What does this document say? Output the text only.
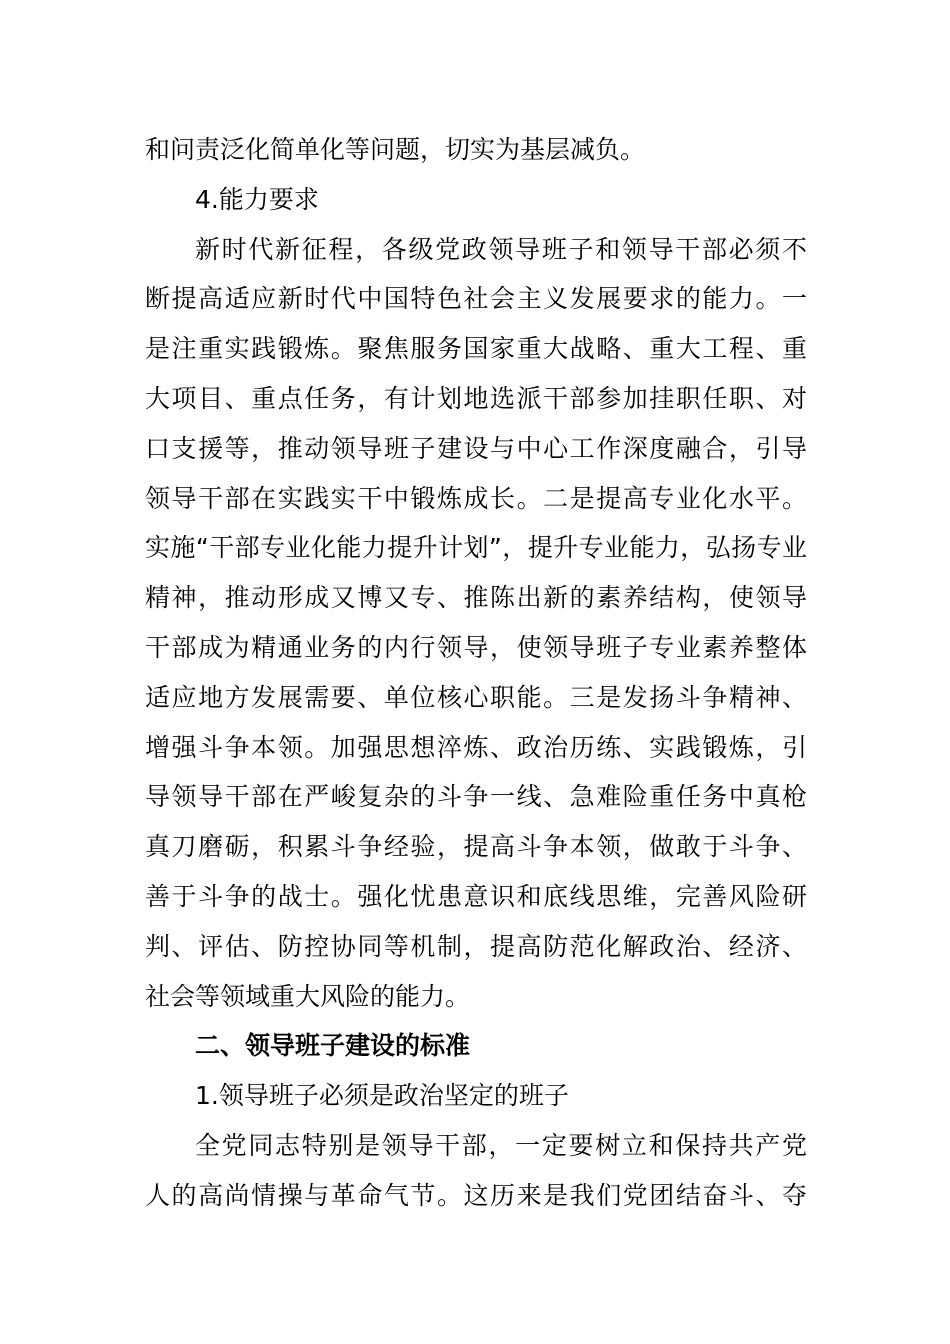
和问责泛化简单化等问题，切实为基层减负。
4.能力要求
新时代新征程，各级党政领导班子和领导干部必须不
断提高适应新时代中国特色社会主义发展要求的能力。一
是注重实践锻炼。聚焦服务国家重大战略、重大工程、重
大项目、重点任务，有计划地选派干部参加挂职任职、对
口支援等，推动领导班子建设与中心工作深度融合，引导
领导干部在实践实干中锻炼成长。二是提高专业化水平。
实施“干部专业化能力提升计划”，提升专业能力，弘扬专业
精神，推动形成又博又专、推陈出新的素养结构，使领导
干部成为精通业务的内行领导，使领导班子专业素养整体
适应地方发展需要、单位核心职能。三是发扬斗争精神、
增强斗争本领。加强思想淬炼、政治历练、实践锻炼，引
导领导干部在严峻复杂的斗争一线、急难险重任务中真枪
真刀磨砺，积累斗争经验，提高斗争本领，做敢于斗争、
善于斗争的战士。强化忧患意识和底线思维，完善风险研
判、评估、防控协同等机制，提高防范化解政治、经济、
社会等领域重大风险的能力。
二、领导班子建设的标准
1.领导班子必须是政治坚定的班子
全党同志特别是领导干部，一定要树立和保持共产党
人的高尚情操与革命气节。这历来是我们党团结奋斗、夺
